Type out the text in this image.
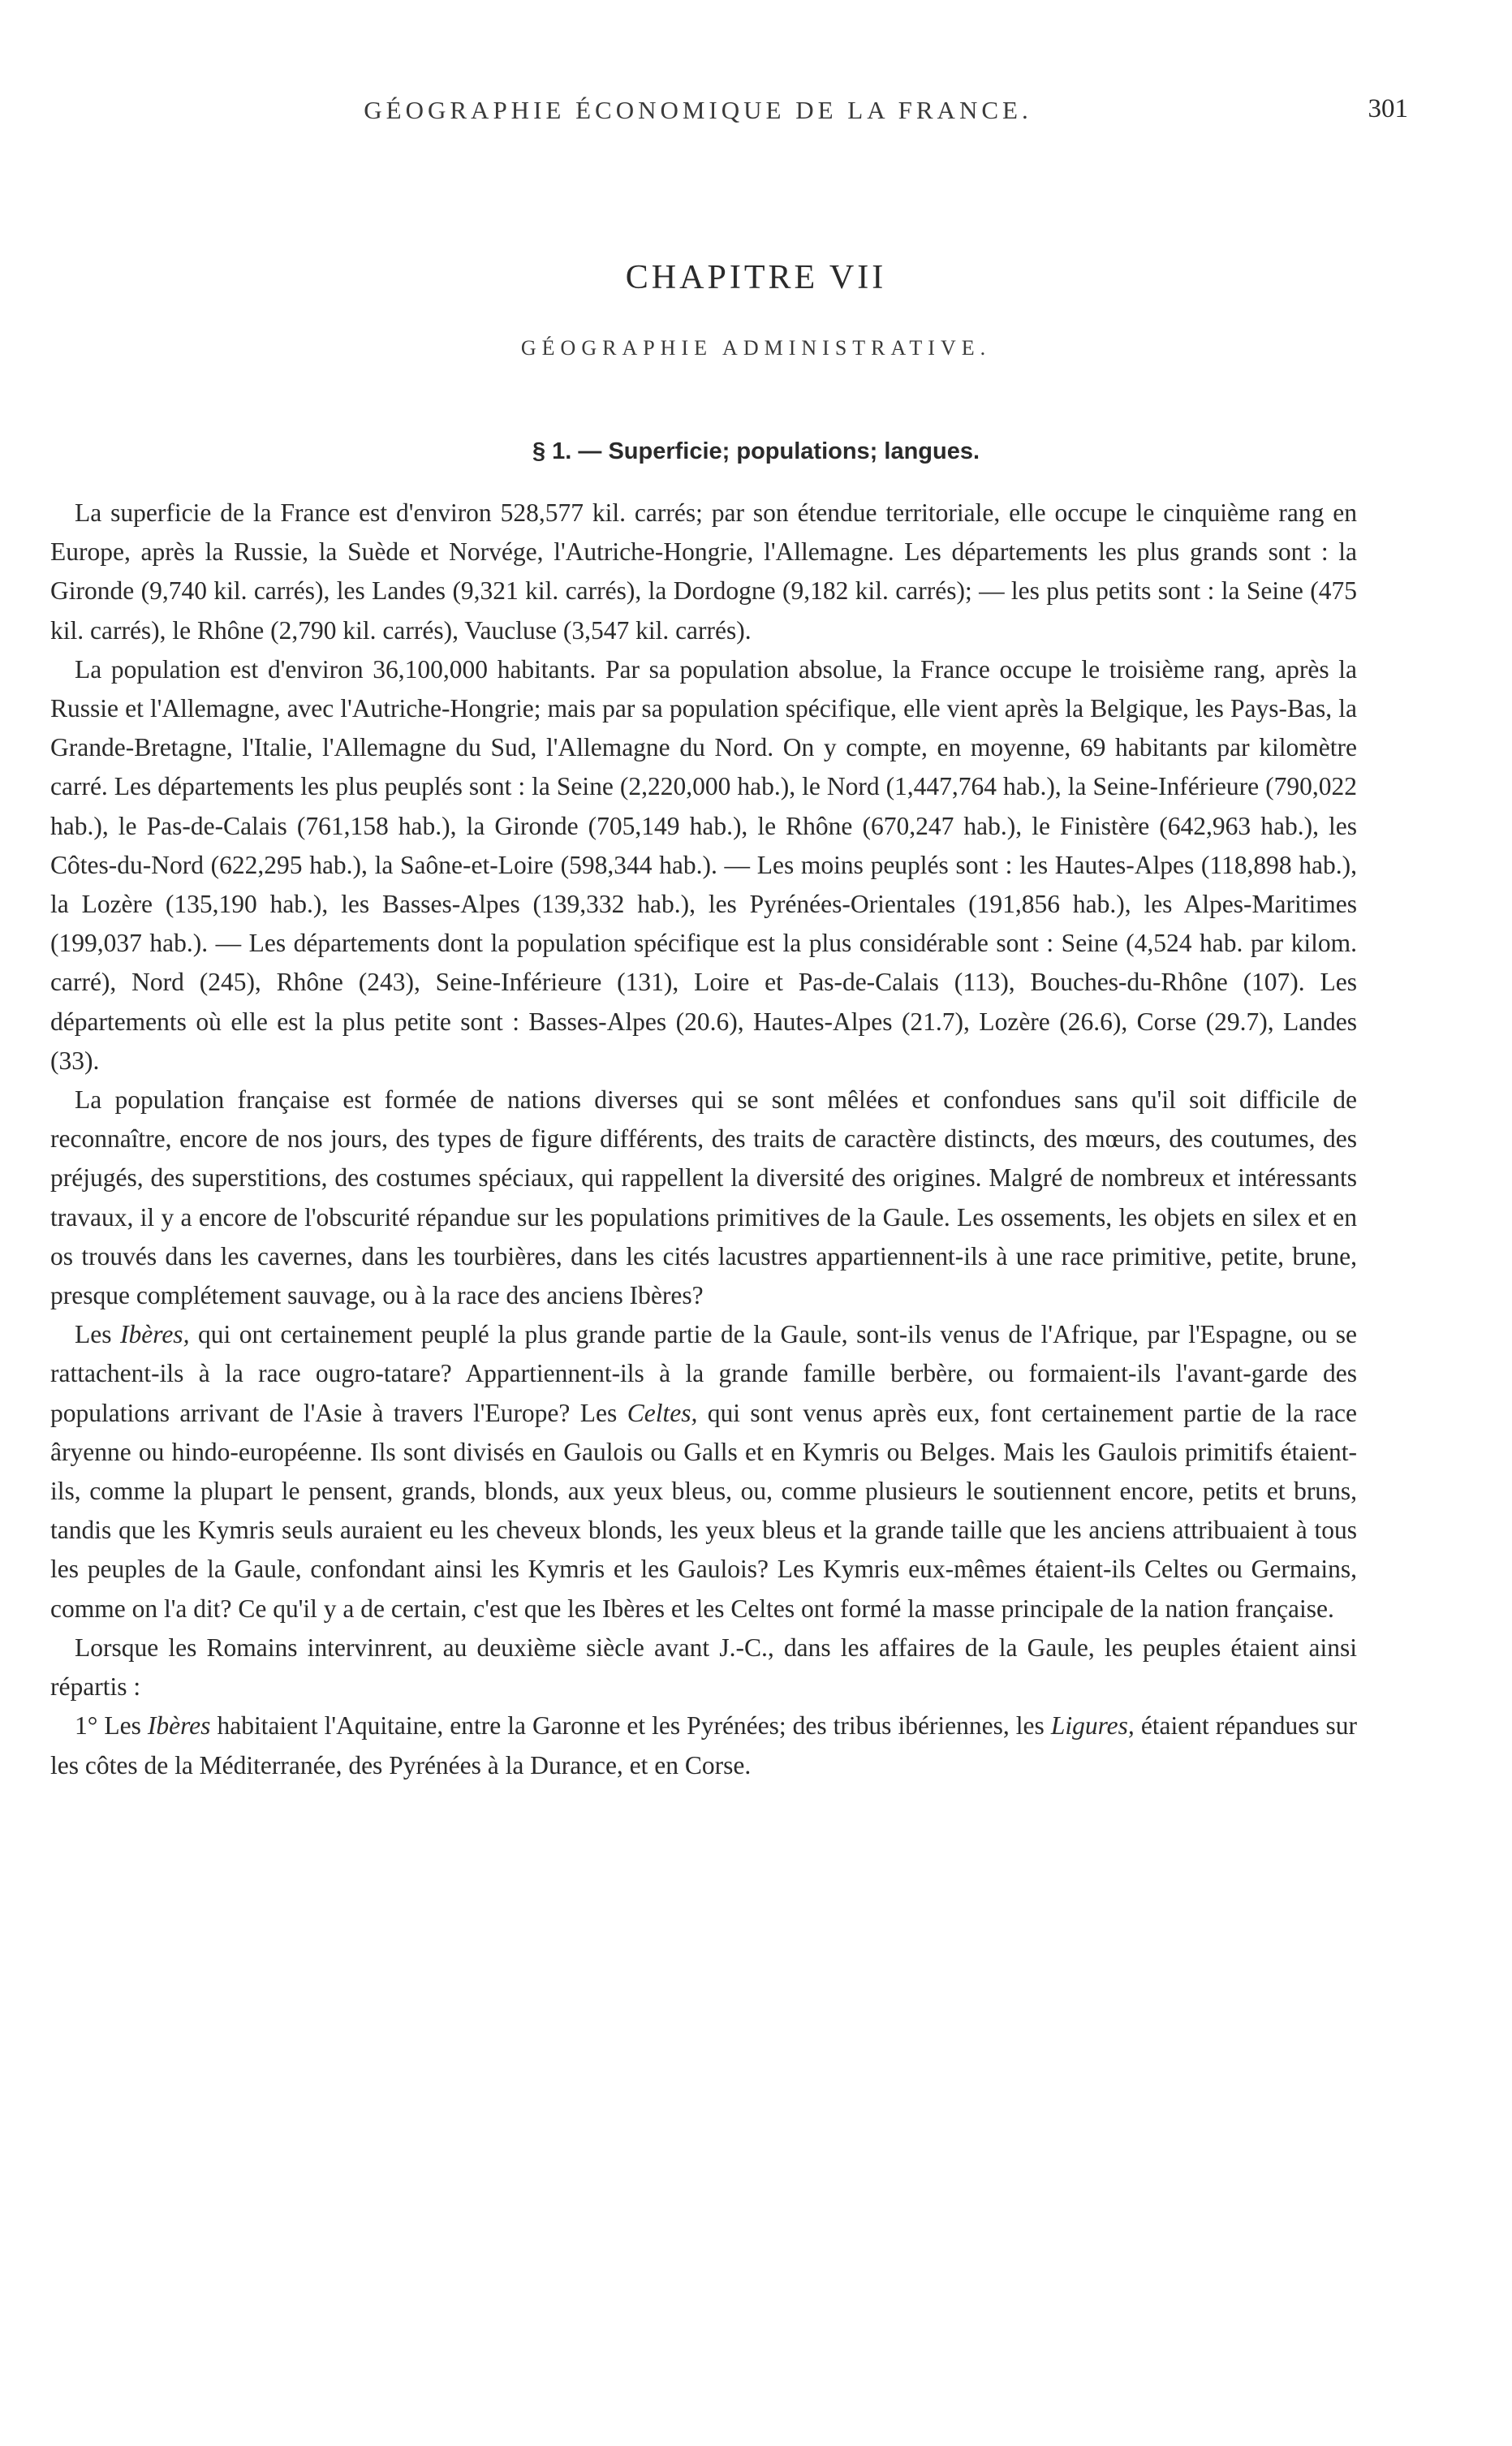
GÉOGRAPHIE ÉCONOMIQUE DE LA FRANCE.	301
CHAPITRE VII
GÉOGRAPHIE ADMINISTRATIVE.
§ 1. — Superficie; populations; langues.

La superficie de la France est d'environ 528,577 kil. carrés; par son étendue territoriale, elle occupe le cinquième rang en Europe, après la Russie, la Suède et Norvége, l'Autriche-Hongrie, l'Allemagne. Les départements les plus grands sont : la Gironde (9,740 kil. carrés), les Landes (9,321 kil. carrés), la Dordogne (9,182 kil. carrés); — les plus petits sont : la Seine (475 kil. carrés), le Rhône (2,790 kil. carrés), Vaucluse (3,547 kil. carrés).

La population est d'environ 36,100,000 habitants. Par sa population absolue, la France occupe le troisième rang, après la Russie et l'Allemagne, avec l'Autriche-Hongrie; mais par sa population spécifique, elle vient après la Belgique, les Pays-Bas, la Grande-Bretagne, l'Italie, l'Allemagne du Sud, l'Allemagne du Nord. On y compte, en moyenne, 69 habitants par kilomètre carré. Les départements les plus peuplés sont : la Seine (2,220,000 hab.), le Nord (1,447,764 hab.), la Seine-Inférieure (790,022 hab.), le Pas-de-Calais (761,158 hab.), la Gironde (705,149 hab.), le Rhône (670,247 hab.), le Finistère (642,963 hab.), les Côtes-du-Nord (622,295 hab.), la Saône-et-Loire (598,344 hab.). — Les moins peuplés sont : les Hautes-Alpes (118,898 hab.), la Lozère (135,190 hab.), les Basses-Alpes (139,332 hab.), les Pyrénées-Orientales (191,856 hab.), les Alpes-Maritimes (199,037 hab.). — Les départements dont la population spécifique est la plus considérable sont : Seine (4,524 hab. par kilom. carré), Nord (245), Rhône (243), Seine-Inférieure (131), Loire et Pas-de-Calais (113), Bouches-du-Rhône (107). Les départements où elle est la plus petite sont : Basses-Alpes (20.6), Hautes-Alpes (21.7), Lozère (26.6), Corse (29.7), Landes (33).

La population française est formée de nations diverses qui se sont mêlées et confondues sans qu'il soit difficile de reconnaître, encore de nos jours, des types de figure différents, des traits de caractère distincts, des mœurs, des coutumes, des préjugés, des superstitions, des costumes spéciaux, qui rappellent la diversité des origines. Malgré de nombreux et intéressants travaux, il y a encore de l'obscurité répandue sur les populations primitives de la Gaule. Les ossements, les objets en silex et en os trouvés dans les cavernes, dans les tourbières, dans les cités lacustres appartiennent-ils à une race primitive, petite, brune, presque complétement sauvage, ou à la race des anciens Ibères?

Les Ibères, qui ont certainement peuplé la plus grande partie de la Gaule, sont-ils venus de l'Afrique, par l'Espagne, ou se rattachent-ils à la race ougro-tatare? Appartiennent-ils à la grande famille berbère, ou formaient-ils l'avant-garde des populations arrivant de l'Asie à travers l'Europe? Les Celtes, qui sont venus après eux, font certainement partie de la race âryenne ou hindo-européenne. Ils sont divisés en Gaulois ou Galls et en Kymris ou Belges. Mais les Gaulois primitifs étaient-ils, comme la plupart le pensent, grands, blonds, aux yeux bleus, ou, comme plusieurs le soutiennent encore, petits et bruns, tandis que les Kymris seuls auraient eu les cheveux blonds, les yeux bleus et la grande taille que les anciens attribuaient à tous les peuples de la Gaule, confondant ainsi les Kymris et les Gaulois? Les Kymris eux-mêmes étaient-ils Celtes ou Germains, comme on l'a dit? Ce qu'il y a de certain, c'est que les Ibères et les Celtes ont formé la masse principale de la nation française.

Lorsque les Romains intervinrent, au deuxième siècle avant J.-C., dans les affaires de la Gaule, les peuples étaient ainsi répartis :

1° Les Ibères habitaient l'Aquitaine, entre la Garonne et les Pyrénées; des tribus ibériennes, les Ligures, étaient répandues sur les côtes de la Méditerranée, des Pyrénées à la Durance, et en Corse.
